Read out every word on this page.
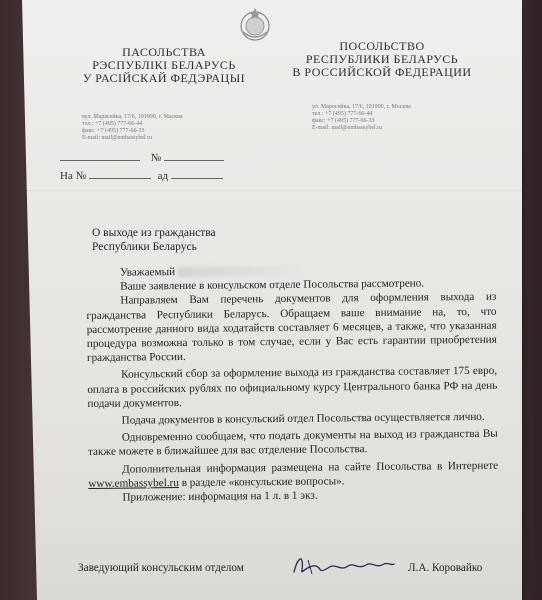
ПАСОЛЬСТВА
РЭСПУБЛІКІ БЕЛАРУСЬ
У РАСІЙСКАЙ ФЕДЭРАЦЫІ
ПОСОЛЬСТВО
РЕСПУБЛИКИ БЕЛАРУСЬ
В РОССИЙСКОЙ ФЕДЕРАЦИИ
вул. Марасейка, 17/6, 101990, г. Масква
тэл.: +7 (495) 777-66-44
факс: +7 (495) 777-66-33
E-mail: mail@embassybel.ru
ул. Маросейка, 17/6, 101990, г. Москва
тел.: +7 (495) 777-66-44
факс: +7 (495) 777-66-33
E-mail: mail@embassybel.ru
№
На №	ад
О выходе из гражданства
Республики Беларусь

Уважаемый

Ваше заявление в консульском отделе Посольства рассмотрено.

Направляем Вам перечень документов для оформления выхода из гражданства Республики Беларусь. Обращаем ваше внимание на, то, что рассмотрение данного вида ходатайств составляет 6 месяцев, а также, что указанная процедура возможна только в том случае, если у Вас есть гарантии приобретения гражданства России.

Консульский сбор за оформление выхода из гражданства составляет 175 евро, оплата в российских рублях по официальному курсу Центрального банка РФ на день подачи документов.

Подача документов в консульский отдел Посольства осуществляется лично.

Одновременно сообщаем, что подать документы на выход из гражданства Вы также можете в ближайшее для вас отделение Посольства.

Дополнительная информация размещена на сайте Посольства в Интернете www.embassybel.ru в разделе «консульские вопросы».

Приложение: информация на 1 л. в 1 экз.

Заведующий консульским отделом	Л.А. Коровайко
